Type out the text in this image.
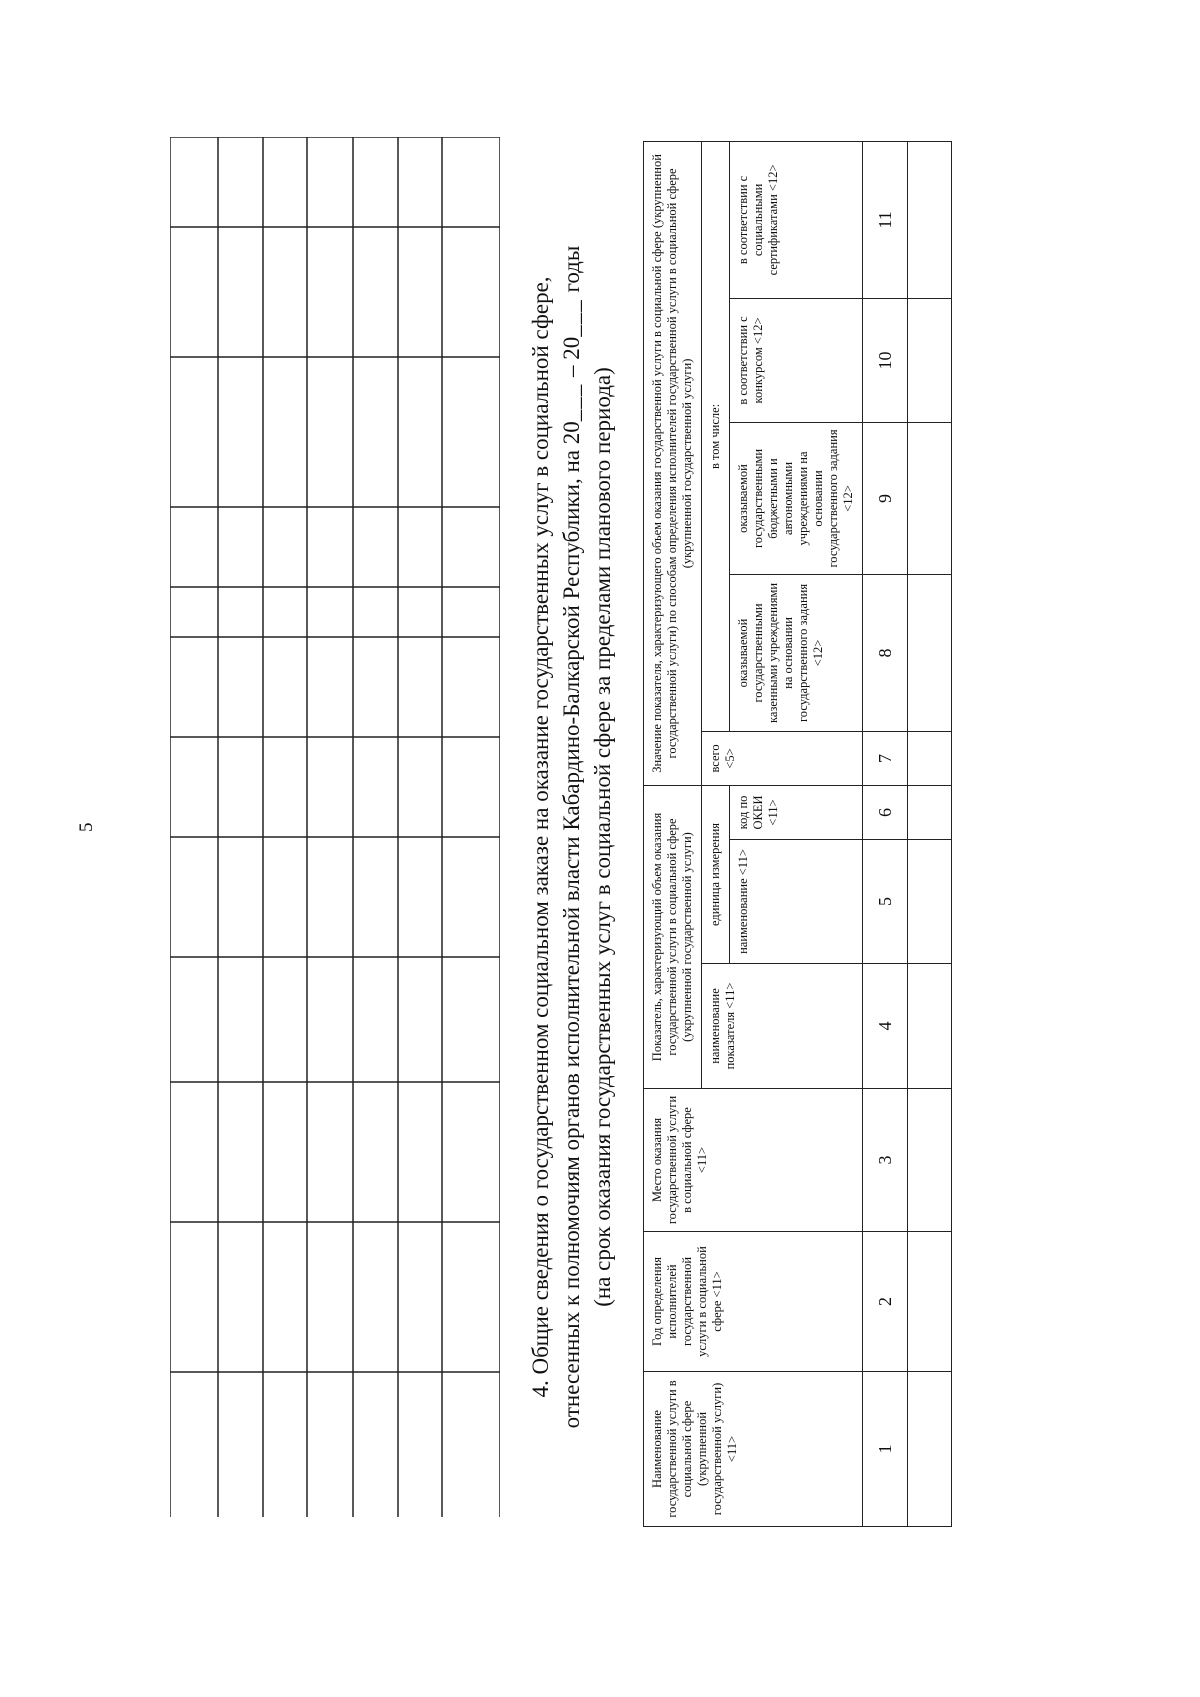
5	4. Общие сведения о государственном социальном заказе на оказание государственных услуг в социальной сфере, отнесенных к полномочиям органов исполнительной власти Кабардино-Балкарской Республики, на 20___ – 20___ годы
(на срок оказания государственных услуг в социальной сфере за пределами планового периода)
Наименование государственной услуги в социальной сфере (укрупненной государственной услуги) <11>	Год определения исполнителей государственной услуги в социальной сфере <11>	Место оказания государственной услуги в социальной сфере <11>	Показатель, характеризующий объем оказания государственной услуги в социальной сфере (укрупненной государственной услуги)			Значение показателя, характеризующего объем оказания государственной услуги в социальной сфере (укрупненной государственной услуги) по способам определения исполнителей государственной услуги в социальной сфере (укрупненной государственной услуги)				
			наименование показателя <11>	единица измерения		всего <5>	в том числе:			
				наименование <11>	код по ОКЕИ <11>		оказываемой государственными казенными учреждениями на основании государственного задания <12>	оказываемой государственными бюджетными и автономными учреждениями на основании государственного задания <12>	в соответствии с конкурсом <12>	в соответствии с социальными сертификатами <12>
1	2	3	4	5	6	7	8	9	10	11
